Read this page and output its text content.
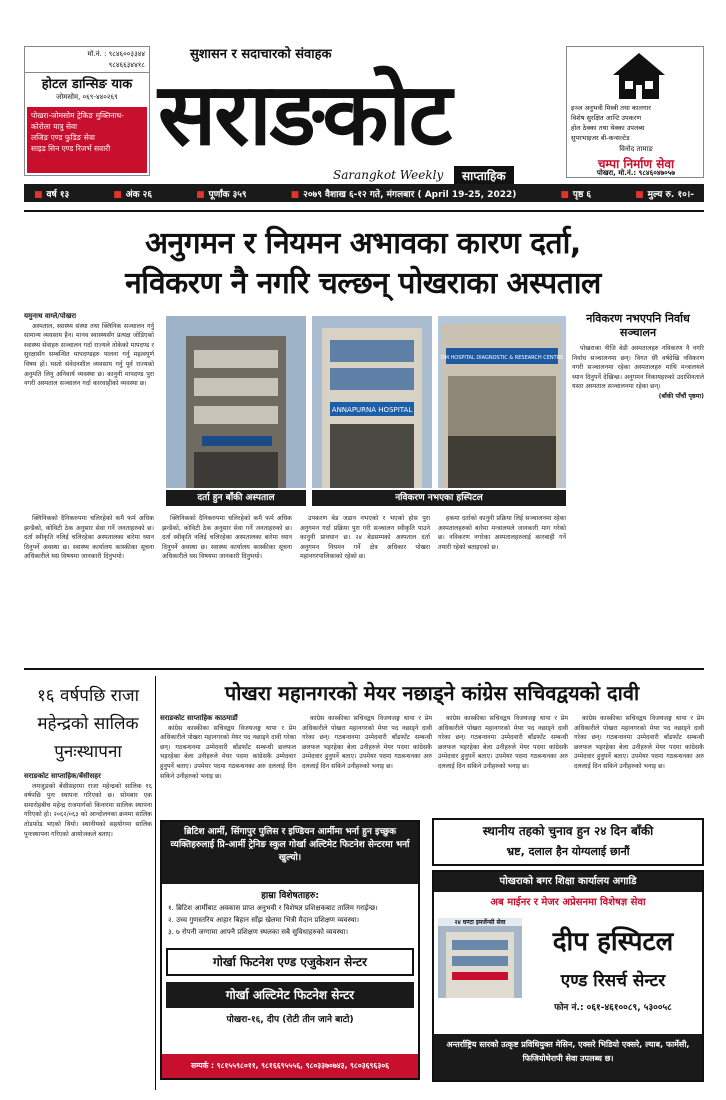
मो.नं. : ९८४६००३३४४
९८४६६३४४१८
होटल डान्सिङ याक
जोमसोम, ०६९-४४०२६९
पोखरा-जोमसोम ट्रेकिङ मुक्तिनाथ-कोरोला यात्रु सेवा
लजिङ एण्ड फुडिङ सेवा
साइड सिन एण्ड रिजर्भ सवारी
सुशासन र सदाचारको संवाहक
सराङकोट
Sarangkot Weekly	साप्ताहिक
इञ्ज अनुभवी मिस्त्री तथा कालगार
विशेष सुरक्षित आन्टि उपकरण
होल ठेक्का तथा थेक्का उपलब्ध
सुपरभाइजर बी-कन्सल्टेड
विनोद तामाङ
चम्पा निर्माण सेवा
पोखरा, मो.नं.: ९८४६०४७०५७
■ वर्ष १३	■ अंक २६	■ पूर्णांक ३५९	■ २०७९ वैशाख ६-१२ गते, मंगलबार ( April 19-25, 2022)	■ पृष्ठ ६	■ मुल्य रु. १०।-
अनुगमन र नियमन अभावका कारण दर्ता,
नविकरण नै नगरि चल्छन् पोखराका अस्पताल
यमुनाथ वाग्ले/पोखरा

अस्पताल, स्वास्थ्य संस्था तथा क्लिनिक सञ्चालन गर्नु सामान्य व्यवसाय हैन। मानव स्वास्थ्यसँग प्रत्यक्ष जोडिएको स्वास्थ्य सेवाहरु सञ्चालन गर्दा राज्यले तोकेको मापदण्ड र सुरक्षासँग सम्बन्धित मापदण्डहरु पालना गर्नु महत्वपूर्ण विषय हो। यस्तो संवेदनशील व्यवसाय गर्नु पूर्व राज्यको अनुमति लिनु अनिवार्य व्यवस्था छ। कानुनी मापदण्ड पुरा नगरी अस्पताल सञ्चालन गर्दा कारवाहीको व्यवस्था छ।

ANNAPURNA HOSPITAL
OM HOSPITAL DIAGNOSTIC & RESEARCH CENTRE
दर्ता हुन बाँकी अस्पताल	नविकरण नभएका हस्पिटल
नविकरण नभएपनि निर्वाध सञ्चालन

पोखराका नीजि बेडी अस्पतालहरु नविकरण नै नगरि निर्वाध सञ्चालनमा छन्। विगत धेरै वर्षदेखि नविकरण नगरी सञ्चालनमा रहेका अस्पतालहरु माथि मन्त्रालयले ध्यान दिनुपर्ने देखिन्छ। अनुगमन निकायहरुको उदासिनताले यस्ता अस्पताल सञ्चालनमा रहेका छन्।

(बाँकी पाँचौं पृष्ठमा)

क्लिनिकको दैनिकरुपमा चलिरहेको कमै फर्म अधिक झन्डैको, कोविटी ठेक अनुसार सेवा गर्ने जनताहरुको छ। दर्ता स्वीकृति नलिई चलिरहेका अस्पतालका बारेमा ध्यान दिनुपर्ने अवस्था छ। स्वास्थ्य कार्यालय कास्कीका सूचना अधिकारीले यस विषयमा जानकारी दिनुभयो।

क्लिनिकको दैनिकरुपमा चलिरहेको कमै फर्म अधिक झन्डैको, कोविटी ठेक अनुसार सेवा गर्ने जनताहरुको छ। दर्ता स्वीकृति नलिई चलिरहेका अस्पतालका बारेमा ध्यान दिनुपर्ने अवस्था छ। स्वास्थ्य कार्यालय कास्कीका सूचना अधिकारीले यस विषयमा जानकारी दिनुभयो।

उपकरण बेड जडान नभएको र भएको होस पुरा अनुगमन गर्दा प्रक्रिया पुरा गरी सञ्चालन स्वीकृति पाउने कानुनी प्रावधान छ। २४ बेडसम्मको अस्पताल दर्ता अनुगमन नियमन गर्ने क्षेत्र अधिकार पोखरा महानगरपालिकाको रहेको छ।

हकमा दर्ताको कानुनी प्रक्रिया लिई सञ्चालनमा रहेका अस्पतालहरुको बारेमा मन्त्रालयले जानकारी माग गरेको छ। नविकरण नगरेका अस्पतालहरुलाई कारबाही गर्ने तयारी रहेको बताइएको छ।

१६ वर्षपछि राजा महेन्द्रको सालिक पुनःस्थापना
सराङकोट साप्ताहिक/बेंसीसहर

लमजुङको बेंसीसहरमा राजा महेन्द्रको सालिक १६ वर्षपछि पुनः स्थापना गरिएको छ। सोमबार एक समारोहबीच महेन्द्र राजमार्गको किनारमा सालिक स्थापना गरिएको हो। २०६२/०६३ को आन्दोलनका क्रममा सालिक तोडफोड भएको थियो। स्थानीयको सहयोगमा सालिक पुनःस्थापना गरिएको आयोजकले बताए।

पोखरा महानगरको मेयर नछाड्ने कांग्रेस सचिवद्वयको दावी
सराङकोट साप्ताहिक काठमाडौं

कांग्रेस कास्कीका सचिवद्वय विजयजङ्ग थापा र प्रेम अधिकारीले पोखरा महानगरको मेयर पद नछाड्ने दावी गरेका छन्। गठबन्धनमा उम्मेदवारी बाँडफाँट सम्बन्धी छलफल भइरहेका बेला उनीहरुले मेयर पदमा कांग्रेसकै उम्मेदवार हुनुपर्ने बताए। उपमेयर पदमा गठबन्धनका अरु दललाई दिन सकिने उनीहरुको भनाइ छ।

कांग्रेस कास्कीका सचिवद्वय विजयजङ्ग थापा र प्रेम अधिकारीले पोखरा महानगरको मेयर पद नछाड्ने दावी गरेका छन्। गठबन्धनमा उम्मेदवारी बाँडफाँट सम्बन्धी छलफल भइरहेका बेला उनीहरुले मेयर पदमा कांग्रेसकै उम्मेदवार हुनुपर्ने बताए। उपमेयर पदमा गठबन्धनका अरु दललाई दिन सकिने उनीहरुको भनाइ छ।

कांग्रेस कास्कीका सचिवद्वय विजयजङ्ग थापा र प्रेम अधिकारीले पोखरा महानगरको मेयर पद नछाड्ने दावी गरेका छन्। गठबन्धनमा उम्मेदवारी बाँडफाँट सम्बन्धी छलफल भइरहेका बेला उनीहरुले मेयर पदमा कांग्रेसकै उम्मेदवार हुनुपर्ने बताए। उपमेयर पदमा गठबन्धनका अरु दललाई दिन सकिने उनीहरुको भनाइ छ।

कांग्रेस कास्कीका सचिवद्वय विजयजङ्ग थापा र प्रेम अधिकारीले पोखरा महानगरको मेयर पद नछाड्ने दावी गरेका छन्। गठबन्धनमा उम्मेदवारी बाँडफाँट सम्बन्धी छलफल भइरहेका बेला उनीहरुले मेयर पदमा कांग्रेसकै उम्मेदवार हुनुपर्ने बताए। उपमेयर पदमा गठबन्धनका अरु दललाई दिन सकिने उनीहरुको भनाइ छ।

ब्रिटिश आर्मी, सिंगापुर पुलिस र इण्डियन आर्मीमा भर्ना हुन इच्छुक व्यक्तिहरुलाई प्रि-आर्मी ट्रेनिङ स्कुल गोर्खा अल्टिमेट फिटनेश सेन्टरमा भर्ना खुल्यो।
हाम्रा विशेषताहरु:
१. ब्रिटिश आर्मीबाट अवकास प्राप्त अनुभवी र विशेषज्ञ प्रशिक्षकबाट तालिम गराईन्छ।
२. उच्च गुणस्तरिय आहार बिहान साँझ खेलमा भित्री मैदान प्रशिक्षण व्यवस्था।
३. ७ रोपनी जग्गामा आफ्नै प्रशिक्षण स्थलका सबै सुविधाहरुको व्यवस्था।
गोर्खा फिटनेश एण्ड एजुकेशन सेन्टर
गोर्खा अल्टिमेट फिटनेश सेन्टर
पोखरा-१६, दीप (रोटी तीन जाने बाटो)
सम्पर्क : ९८१५५९८०११, ९८१६६९५५५६, ९८०३३७०७४३, ९८०३६९६३०६
स्थानीय तहको चुनाव हुन २४ दिन बाँकी
भ्रष्ट, दलाल हैन योग्यलाई छानौं
पोखराको बगर शिक्षा कार्यालय अगाडि
अब माईनर र मेजर अप्रेसनमा विशेषज्ञ सेवा
२४ घण्टा इमर्जेन्सी सेवा
दीप हस्पिटल
एण्ड रिसर्च सेन्टर
फोन नं.: ०६१-४६१००८९, ५३००५८
अन्तर्राष्ट्रिय स्तरको उत्कृष्ट प्रविधियुक्त मेसिन, एक्सरे भिडियो एक्सरे, ल्याब, फार्मेसी, फिजियोथेरापी सेवा उपलब्ध छ।
